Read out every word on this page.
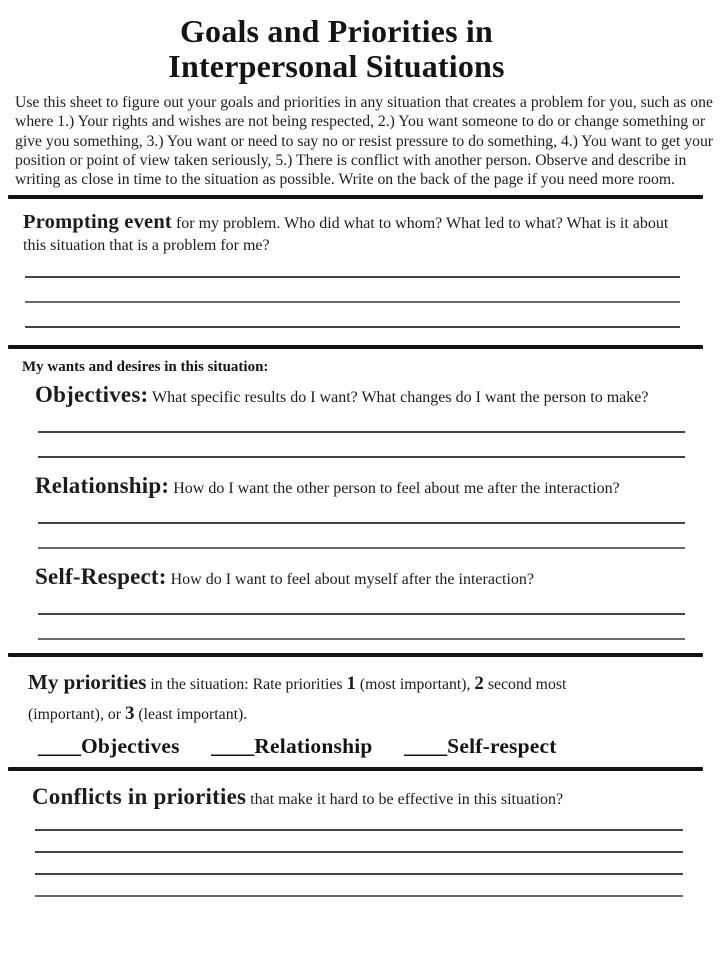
Goals and Priorities in
Interpersonal Situations

Use this sheet to figure out your goals and priorities in any situation that creates a problem for you, such as one where 1.) Your rights and wishes are not being respected, 2.) You want someone to do or change something or give you something, 3.) You want or need to say no or resist pressure to do something, 4.) You want to get your position or point of view taken seriously, 5.) There is conflict with another person. Observe and describe in writing as close in time to the situation as possible. Write on the back of the page if you need more room.

Prompting event for my problem. Who did what to whom? What led to what? What is it about this situation that is a problem for me?

My wants and desires in this situation:

Objectives: What specific results do I want? What changes do I want the person to make?

Relationship: How do I want the other person to feel about me after the interaction?

Self-Respect: How do I want to feel about myself after the interaction?

My priorities in the situation: Rate priorities 1 (most important), 2 second most
(important), or 3 (least important).

____Objectives ____Relationship ____Self-respect

Conflicts in priorities that make it hard to be effective in this situation?
